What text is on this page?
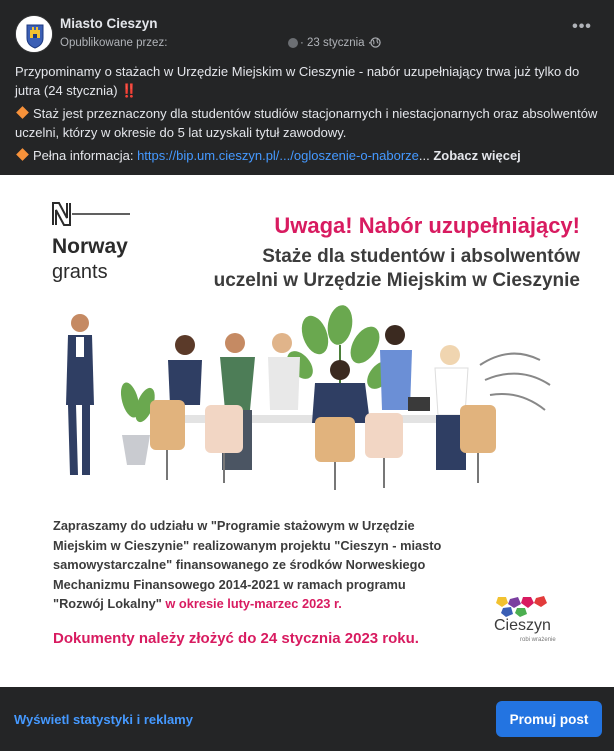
Miasto Cieszyn
Opublikowane przez:	· 23 stycznia ·
•••

Przypominamy o stażach w Urzędzie Miejskim w Cieszynie - nabór uzupełniający trwa już tylko do jutra (24 stycznia) ‼️

Staż jest przeznaczony dla studentów studiów stacjonarnych i niestacjonarnych oraz absolwentów uczelni, którzy w okresie do 5 lat uzyskali tytuł zawodowy.

Pełna informacja: https://bip.um.cieszyn.pl/.../ogloszenie-o-naborze... Zobacz więcej

Norway
grants
Uwaga! Nabór uzupełniający!
Staże dla studentów i absolwentów
uczelni w Urzędzie Miejskim w Cieszynie
Zapraszamy do udziału w "Programie stażowym w Urzędzie
Miejskim w Cieszynie" realizowanym projektu "Cieszyn - miasto
samowystarczalne" finansowanego ze środków Norweskiego
Mechanizmu Finansowego 2014-2021 w ramach programu
"Rozwój Lokalny" w okresie luty-marzec 2023 r.
Dokumenty należy złożyć do 24 stycznia 2023 roku.
Cieszyn
robi wrażenie
Wyświetl statystyki i reklamy	Promuj post
